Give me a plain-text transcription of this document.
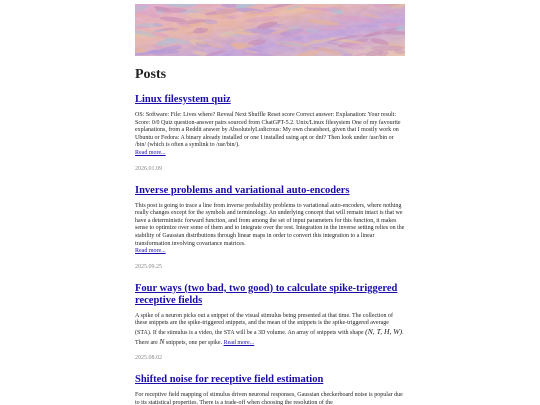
Posts
Linux filesystem quiz

OS: Software: File: Lives where? Reveal Next Shuffle Reset score Correct answer: Explanation: Your result: Score: 0/0 Quiz question-answer pairs sourced from ChatGPT-5.2. Unix/Linux filesystem One of my favourite explanations, from a Reddit answer by AbsolutelyLudicrous: My own cheatsheet, given that I mostly work on Ubuntu or Fedora: A binary already installed or one I installed using apt or dnf? Then look under /usr/bin or /bin/ (which is often a symlink to /usr/bin/).
Read more...

2026.01.09
Inverse problems and variational auto-encoders

This post is going to trace a line from inverse probability problems to variational auto-encoders, where nothing really changes except for the symbols and terminology. An underlying concept that will remain intact is that we have a deterministic forward function, and from among the set of input parameters for this function, it makes sense to optimize over some of them and to integrate over the rest. Integration in the inverse setting relies on the stability of Gaussian distributions through linear maps in order to convert this integration to a linear transformation involving covariance matrices.
Read more...

2025.09.25
Four ways (two bad, two good) to calculate spike-triggered receptive fields

A spike of a neuron picks out a snippet of the visual stimulus being presented at that time. The collection of these snippets are the spike-triggered snippets, and the mean of the snippets is the spike-triggered average (STA). If the stimulus is a video, the STA will be a 3D volume. An array of snippets with shape (N, T, H, W). There are N snippets, one per spike. Read more...

2025.08.02
Shifted noise for receptive field estimation

For receptive field mapping of stimulus driven neuronal responses, Gaussian checkerboard noise is popular due to its statistical properties. There is a trade-off when choosing the resolution of the
